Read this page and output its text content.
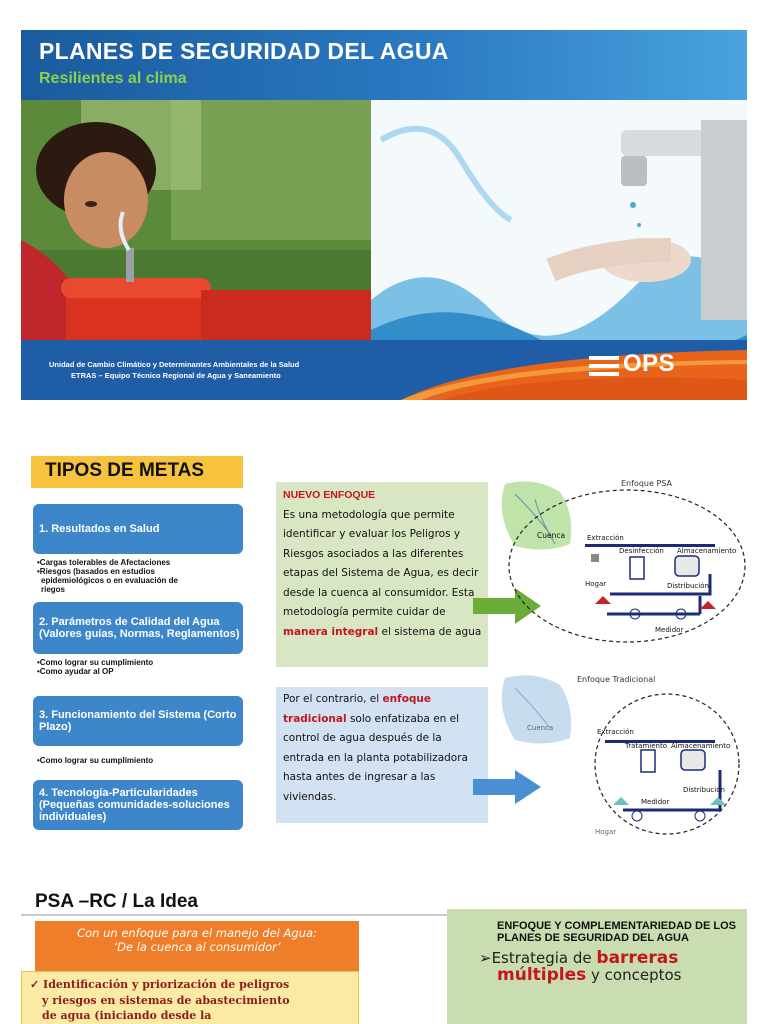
PLANES DE SEGURIDAD DEL AGUA
Resilientes al clima
Unidad de Cambio Climático y Determinantes Ambientales de la Salud
ETRAS – Equipo Técnico Regional de Agua y Saneamiento	OPS
TIPOS DE METAS
1. Resultados en Salud
•Cargas tolerables de Afectaciones
•Riesgos (basados en estudios
epidemiológicos o en evaluación de
riegos
2. Parámetros de Calidad del Agua (Valores guías, Normas, Reglamentos)
•Como lograr su cumplimiento
•Como ayudar al OP
3. Funcionamiento del Sistema (Corto Plazo)
•Como lograr su cumplimiento
4. Tecnología-Particularidades (Pequeñas comunidades-soluciones individuales)
NUEVO ENFOQUE
Es una metodología que permite identificar y evaluar los Peligros y Riesgos asociados a las diferentes etapas del Sistema de Agua, es decir desde la cuenca al consumidor. Esta metodología permite cuidar de manera integral el sistema de agua
Por el contrario, el enfoque tradicional solo enfatizaba en el control de agua después de la entrada en la planta potabilizadora hasta antes de ingresar a las viviendas.
Enfoque PSA
Cuenca	Extracción
Desinfección Almacenamiento
Hogar	Distribución
Medidor
Enfoque Tradicional
Cuenca	Extracción
Tratamiento Almacenamiento
Distribución
Medidor
Hogar
PSA –RC / La Idea
Con un enfoque para el manejo del Agua:
‘De la cuenca al consumidor’
✓ Identificación y priorización de peligros
y riesgos en sistemas de abastecimiento
de agua (iniciando desde la
ENFOQUE Y COMPLEMENTARIEDAD DE LOS PLANES DE SEGURIDAD DEL AGUA
➢Estrategia de barreras
múltiples y conceptos
